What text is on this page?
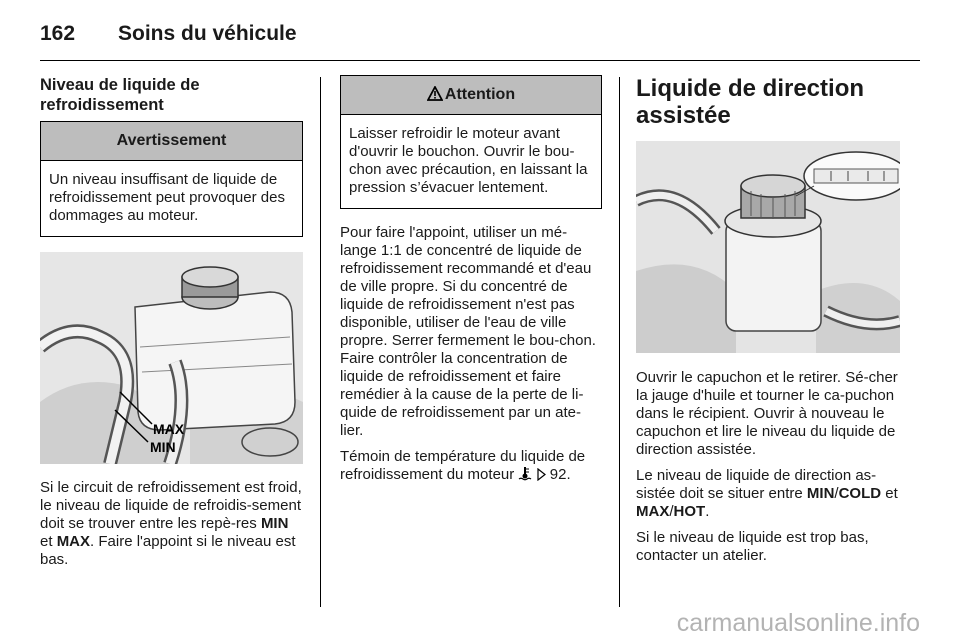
162 Soins du véhicule
Niveau de liquide de refroidissement
Avertissement
Un niveau insuffisant de liquide de refroidissement peut provoquer des dommages au moteur.
MAX
MIN

Si le circuit de refroidissement est froid, le niveau de liquide de refroidis-sement doit se trouver entre les repè-res MIN et MAX. Faire l'appoint si le niveau est bas.

Attention
Laisser refroidir le moteur avant d'ouvrir le bouchon. Ouvrir le bou-chon avec précaution, en laissant la pression s’évacuer lentement.

Pour faire l'appoint, utiliser un mé-lange 1:1 de concentré de liquide de refroidissement recommandé et d'eau de ville propre. Si du concentré de liquide de refroidissement n'est pas disponible, utiliser de l'eau de ville propre. Serrer fermement le bou-chon. Faire contrôler la concentration de liquide de refroidissement et faire remédier à la cause de la perte de li-quide de refroidissement par un ate-lier.

Témoin de température du liquide de refroidissement du moteur   92.

Liquide de direction assistée

Ouvrir le capuchon et le retirer. Sé-cher la jauge d'huile et tourner le ca-puchon dans le récipient. Ouvrir à nouveau le capuchon et lire le niveau du liquide de direction assistée.

Le niveau de liquide de direction as-sistée doit se situer entre MIN/COLD et MAX/HOT.

Si le niveau de liquide est trop bas, contacter un atelier.

carmanualsonline.info
